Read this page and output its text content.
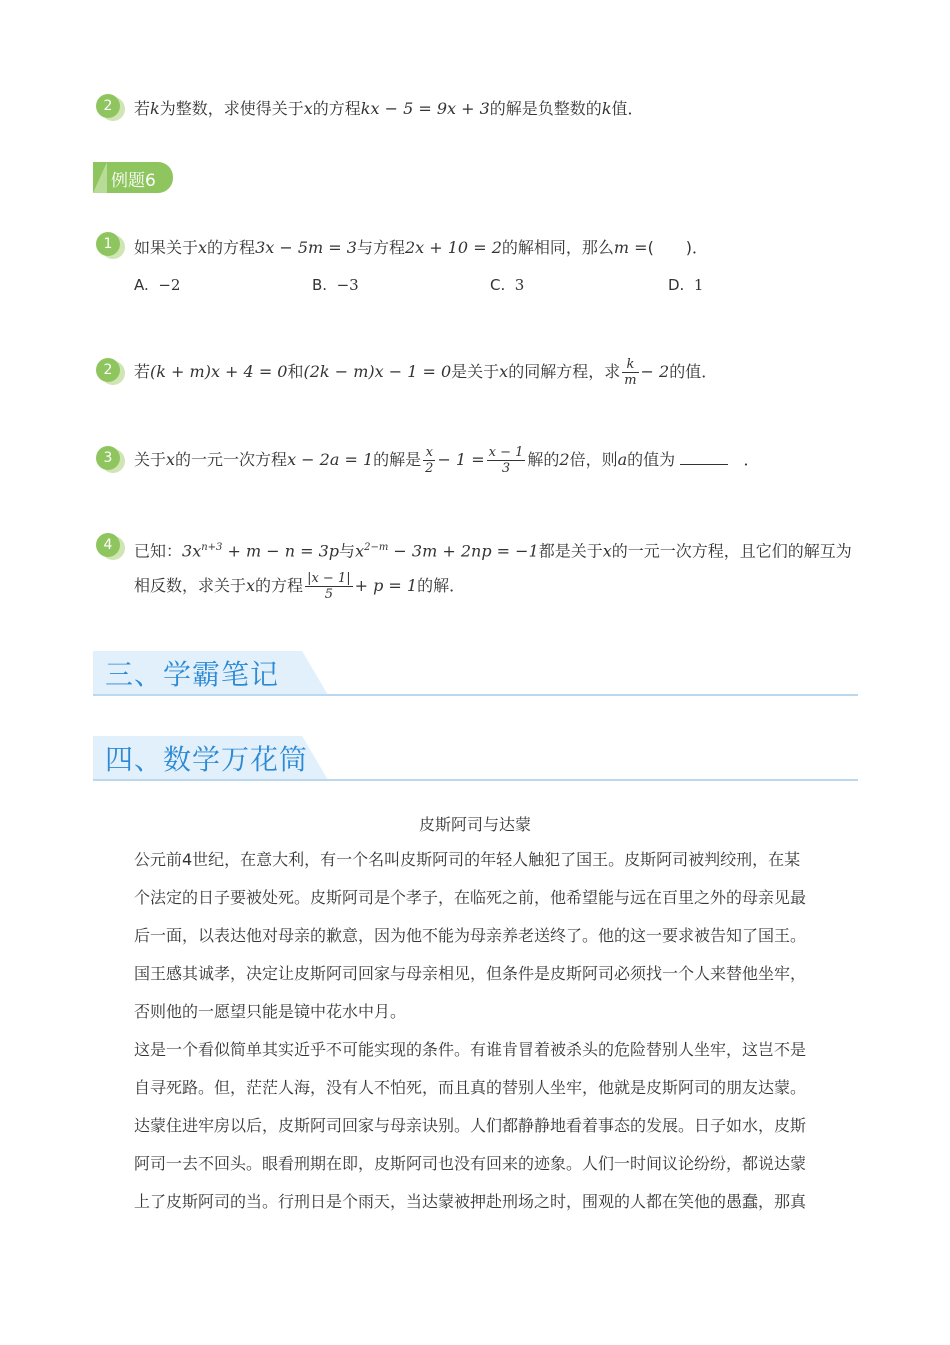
2	若k为整数，求使得关于x的方程kx − 5 = 9x + 3的解是负整数的k值．
例题6
1	如果关于x的方程3x − 5m = 3与方程2x + 10 = 2的解相同，那么m =(　　)．
A. −2	B. −3	C. 3	D. 1
2	若(k + m)x + 4 = 0和(2k − m)x − 1 = 0是关于x的同解方程，求 $\frac{k}{m} - 2$的值．
3	关于x的一元一次方程x − 2a = 1的解是 $\frac{x}{2} - 1 = \frac{x - 1}{3}$ 解的2倍，则a的值为	．
4	已知：$3x^{n+3} + m - n = 3p$与$x^{2-m} - 3m + 2np = -1$都是关于x的一元一次方程，且它们的解互为
相反数，求关于x的方程 $\frac{|x - 1|}{5} + p = 1$的解．
三、学霸笔记
四、数学万花筒
皮斯阿司与达蒙

公元前4世纪，在意大利，有一个名叫皮斯阿司的年轻人触犯了国王。皮斯阿司被判绞刑，在某

个法定的日子要被处死。皮斯阿司是个孝子，在临死之前，他希望能与远在百里之外的母亲见最

后一面，以表达他对母亲的歉意，因为他不能为母亲养老送终了。他的这一要求被告知了国王。

国王感其诚孝，决定让皮斯阿司回家与母亲相见，但条件是皮斯阿司必须找一个人来替他坐牢，

否则他的一愿望只能是镜中花水中月。

这是一个看似简单其实近乎不可能实现的条件。有谁肯冒着被杀头的危险替别人坐牢，这岂不是

自寻死路。但，茫茫人海，没有人不怕死，而且真的替别人坐牢，他就是皮斯阿司的朋友达蒙。

达蒙住进牢房以后，皮斯阿司回家与母亲诀别。人们都静静地看着事态的发展。日子如水，皮斯

阿司一去不回头。眼看刑期在即，皮斯阿司也没有回来的迹象。人们一时间议论纷纷，都说达蒙

上了皮斯阿司的当。行刑日是个雨天，当达蒙被押赴刑场之时，围观的人都在笑他的愚蠢，那真
